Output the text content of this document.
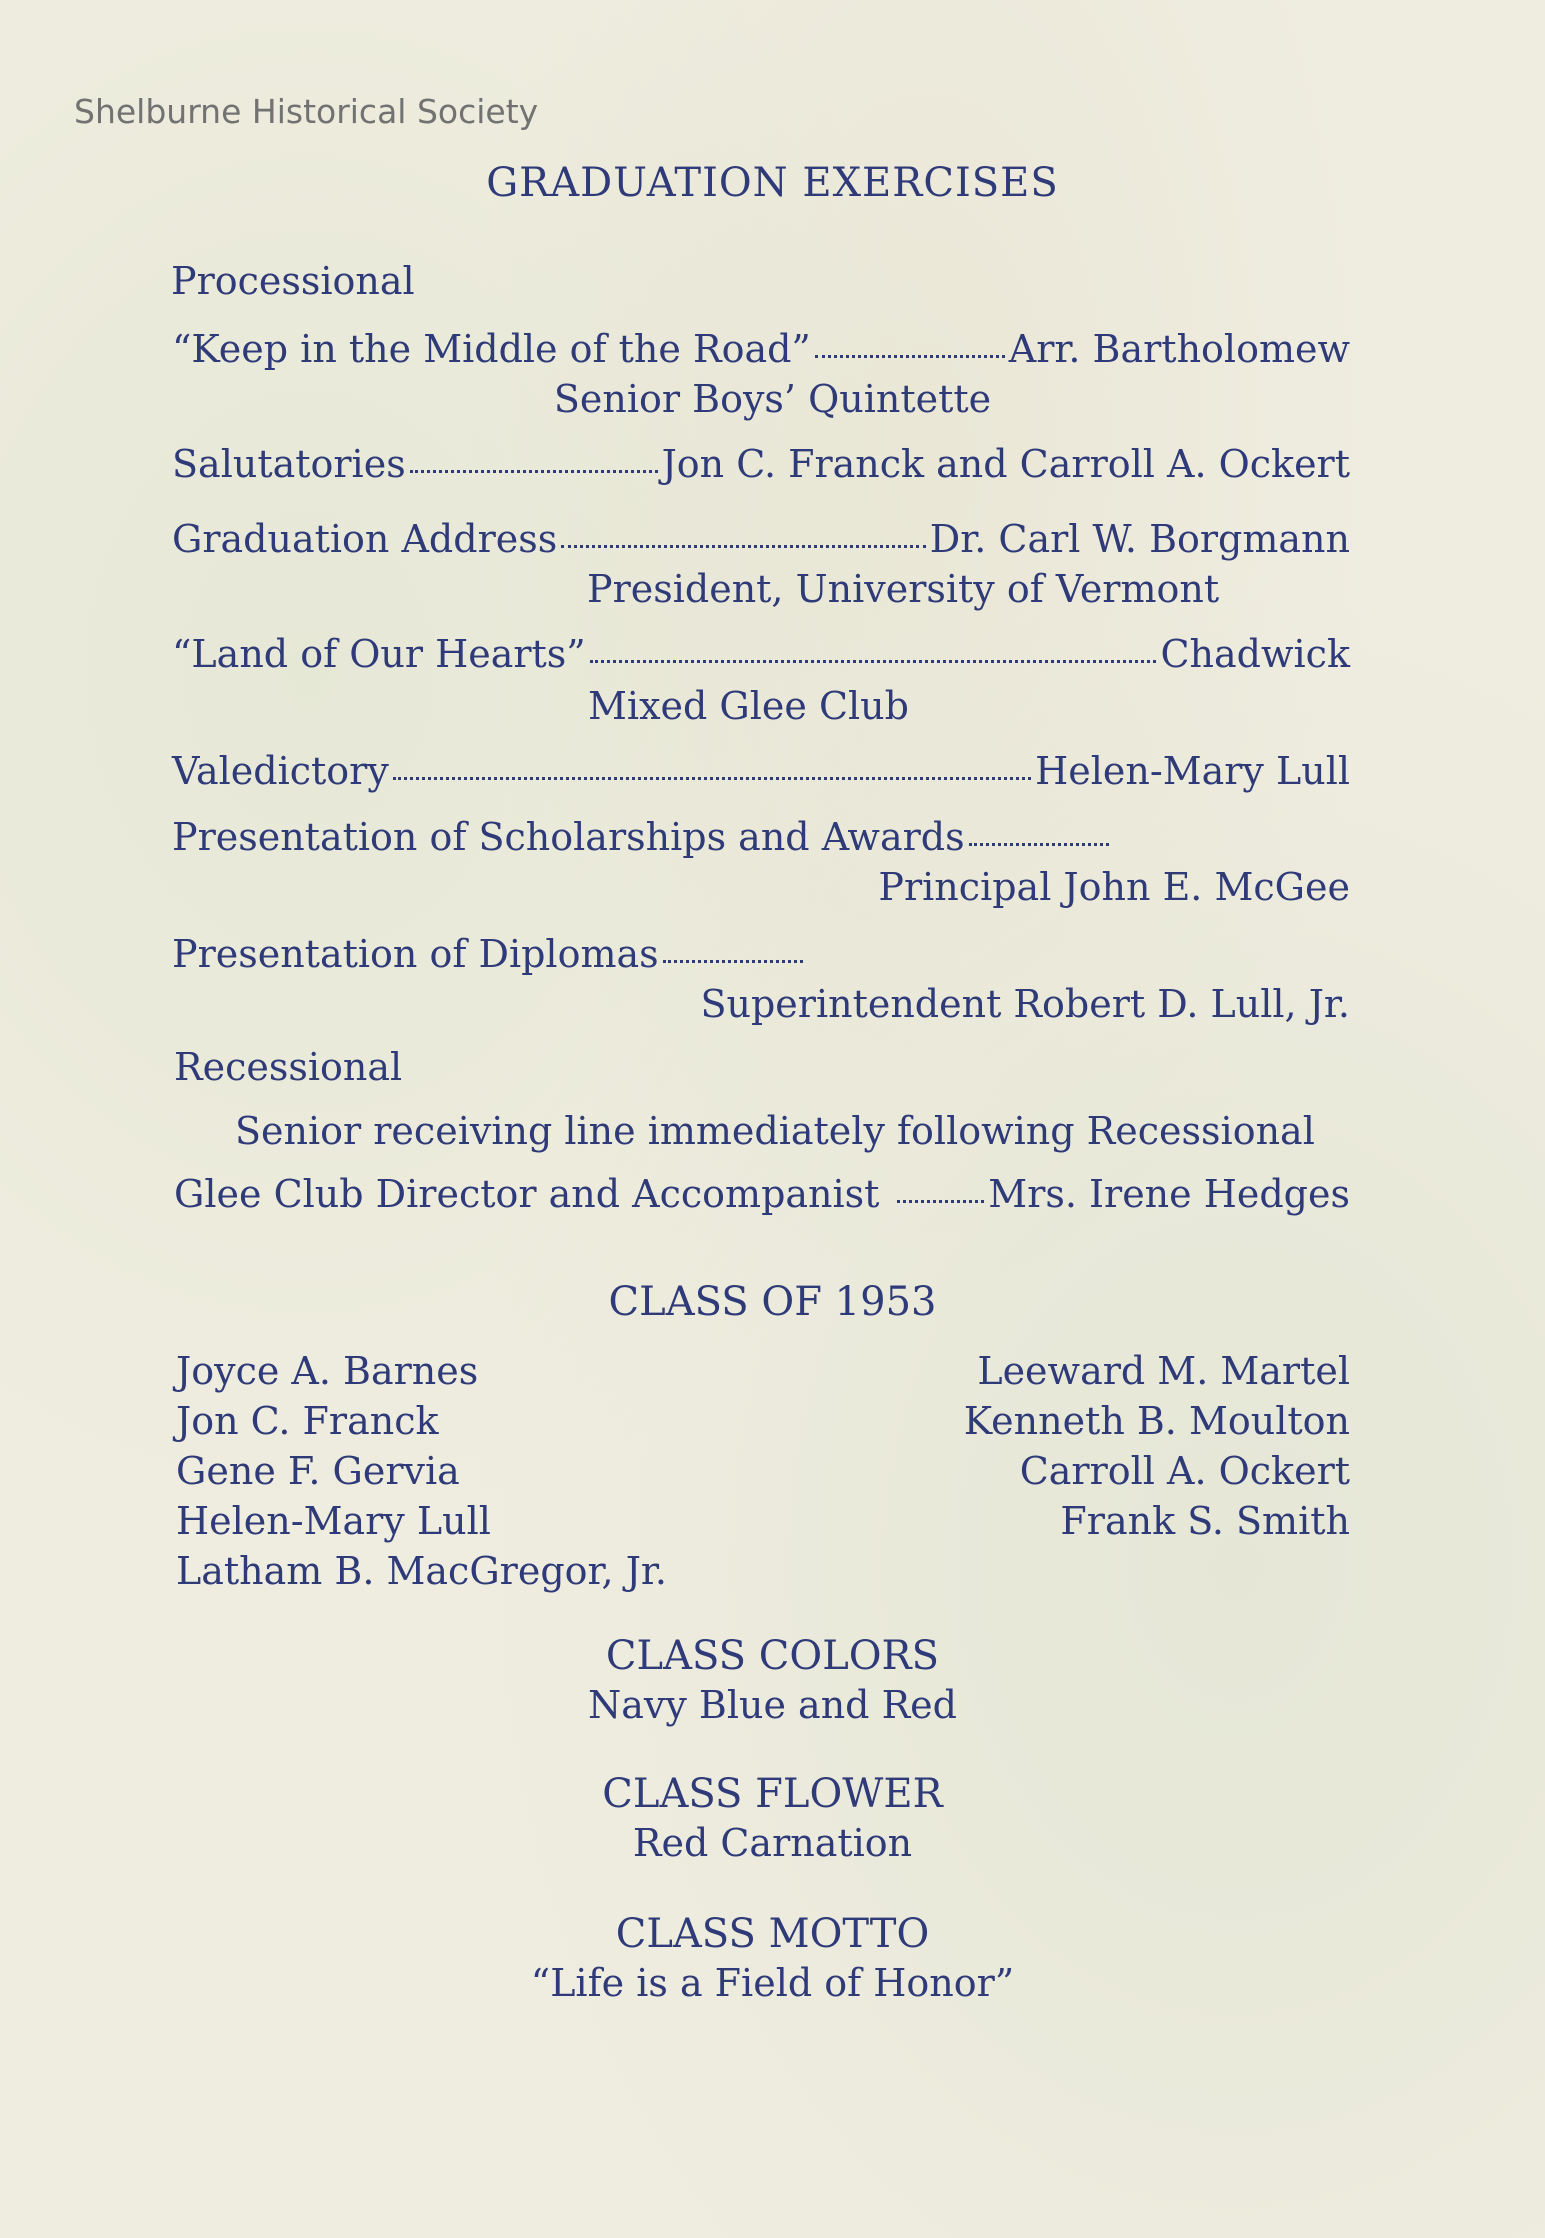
Shelburne Historical Society
GRADUATION EXERCISES
Processional
“Keep in the Middle of the Road”	Arr. Bartholomew
Senior Boys’ Quintette
Salutatories	Jon C. Franck and Carroll A. Ockert
Graduation Address	Dr. Carl W. Borgmann
President, University of Vermont
“Land of Our Hearts”	Chadwick
Mixed Glee Club
Valedictory	Helen-Mary Lull
Presentation of Scholarships and Awards
Principal John E. McGee
Presentation of Diplomas
Superintendent Robert D. Lull, Jr.
Recessional
Senior receiving line immediately following Recessional
Glee Club Director and Accompanist	Mrs. Irene Hedges
CLASS OF 1953
Joyce A. Barnes
Jon C. Franck
Gene F. Gervia
Helen-Mary Lull
Latham B. MacGregor, Jr.
Leeward M. Martel
Kenneth B. Moulton
Carroll A. Ockert
Frank S. Smith
CLASS COLORS
Navy Blue and Red
CLASS FLOWER
Red Carnation
CLASS MOTTO
“Life is a Field of Honor”
